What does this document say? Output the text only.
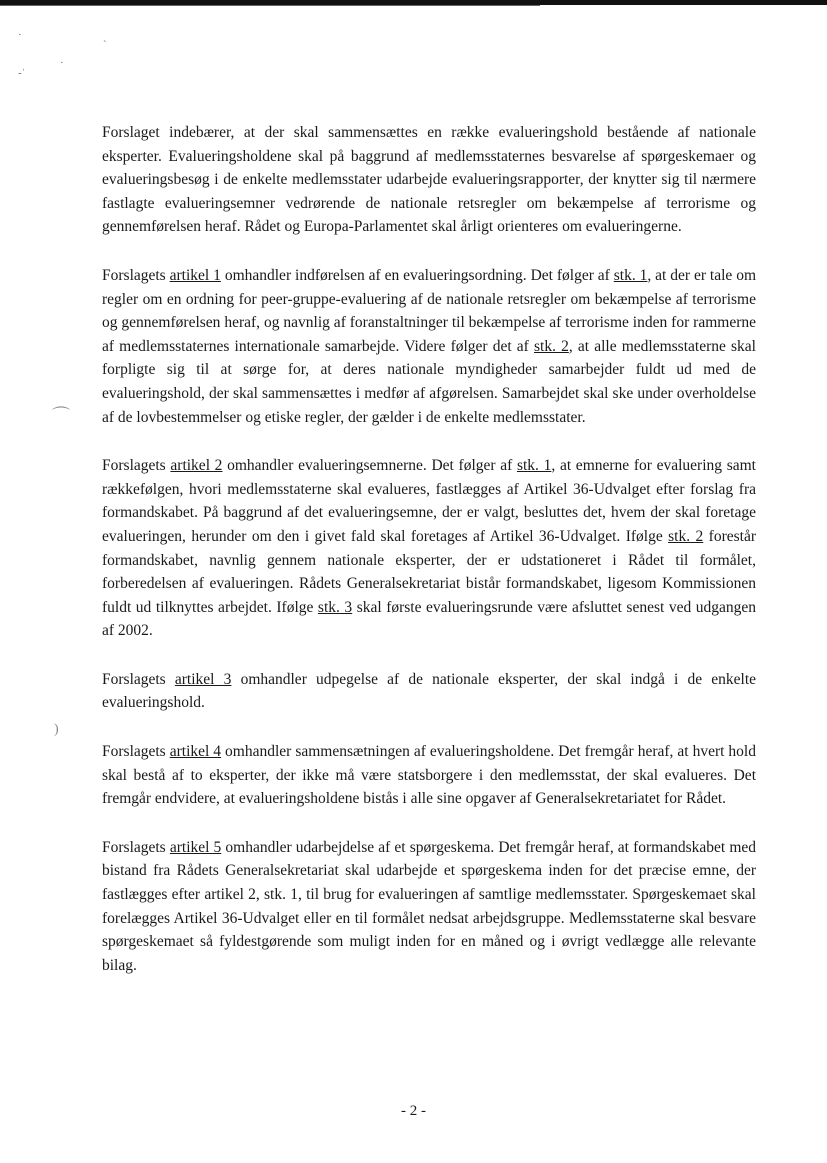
·
ˋ
·
-ˈ
⌒
)

Forslaget indebærer, at der skal sammensættes en række evalueringshold bestående af nationale eksperter. Evalueringsholdene skal på baggrund af medlemsstaternes besvarelse af spørgeskemaer og evalueringsbesøg i de enkelte medlemsstater udarbejde evalueringsrapporter, der knytter sig til nærmere fastlagte evalueringsemner vedrørende de nationale retsregler om bekæmpelse af terrorisme og gennemførelsen heraf. Rådet og Europa-Parlamentet skal årligt orienteres om evalueringerne.

Forslagets artikel 1 omhandler indførelsen af en evalueringsordning. Det følger af stk. 1, at der er tale om regler om en ordning for peer-gruppe-evaluering af de nationale retsregler om bekæmpelse af terrorisme og gennemførelsen heraf, og navnlig af foranstaltninger til bekæmpelse af terrorisme inden for rammerne af medlemsstaternes internationale samarbejde. Videre følger det af stk. 2, at alle medlemsstaterne skal forpligte sig til at sørge for, at deres nationale myndigheder samarbejder fuldt ud med de evalueringshold, der skal sammensættes i medfør af afgørelsen. Samarbejdet skal ske under overholdelse af de lovbestemmelser og etiske regler, der gælder i de enkelte medlemsstater.

Forslagets artikel 2 omhandler evalueringsemnerne. Det følger af stk. 1, at emnerne for evaluering samt rækkefølgen, hvori medlemsstaterne skal evalueres, fastlægges af Artikel 36-Udvalget efter forslag fra formandskabet. På baggrund af det evalueringsemne, der er valgt, besluttes det, hvem der skal foretage evalueringen, herunder om den i givet fald skal foretages af Artikel 36-Udvalget. Ifølge stk. 2 forestår formandskabet, navnlig gennem nationale eksperter, der er udstationeret i Rådet til formålet, forberedelsen af evalueringen. Rådets Generalsekretariat bistår formandskabet, ligesom Kommissionen fuldt ud tilknyttes arbejdet. Ifølge stk. 3 skal første evalueringsrunde være afsluttet senest ved udgangen af 2002.

Forslagets artikel 3 omhandler udpegelse af de nationale eksperter, der skal indgå i de enkelte evalueringshold.

Forslagets artikel 4 omhandler sammensætningen af evalueringsholdene. Det fremgår heraf, at hvert hold skal bestå af to eksperter, der ikke må være statsborgere i den medlemsstat, der skal evalueres. Det fremgår endvidere, at evalueringsholdene bistås i alle sine opgaver af Generalsekretariatet for Rådet.

Forslagets artikel 5 omhandler udarbejdelse af et spørgeskema. Det fremgår heraf, at formandskabet med bistand fra Rådets Generalsekretariat skal udarbejde et spørgeskema inden for det præcise emne, der fastlægges efter artikel 2, stk. 1, til brug for evalueringen af samtlige medlemsstater. Spørgeskemaet skal forelægges Artikel 36-Udvalget eller en til formålet nedsat arbejdsgruppe. Medlemsstaterne skal besvare spørgeskemaet så fyldestgørende som muligt inden for en måned og i øvrigt vedlægge alle relevante bilag.

- 2 -
